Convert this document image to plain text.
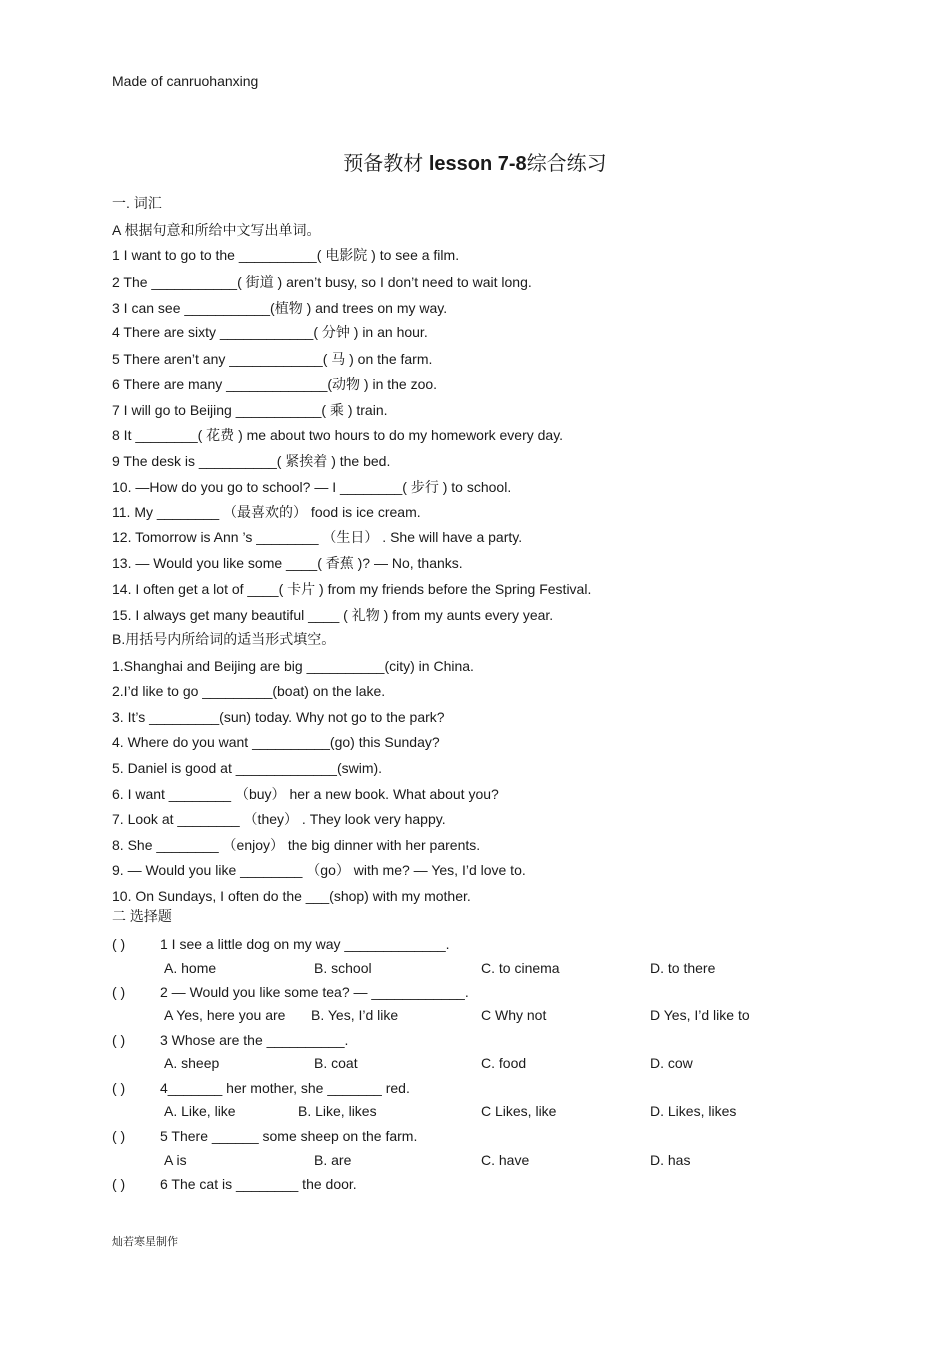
Made of canruohanxing
预备教材 lesson 7-8综合练习
一. 词汇
A 根据句意和所给中文写出单词。
1 I want to go to the __________( 电影院 ) to see a film.
2 The ___________( 街道 ) aren’t busy, so I don’t need to wait long.
3 I can see ___________(植物 ) and trees on my way.
4 There are sixty ____________( 分钟 ) in an hour.
5 There aren’t any ____________( 马 ) on the farm.
6 There are many _____________(动物 ) in the zoo.
7 I will go to Beijing ___________( 乘 ) train.
8 It ________( 花费 ) me about two hours to do my homework every day.
9 The desk is __________( 紧挨着 ) the bed.
10. —How do you go to school? — I ________( 步行 ) to school.
11. My ________ （最喜欢的） food is ice cream.
12. Tomorrow is Ann ’s ________ （生日） . She will have a party.
13. — Would you like some ____( 香蕉 )? — No, thanks.
14. I often get a lot of ____( 卡片 ) from my friends before the Spring Festival.
15. I always get many beautiful ____ ( 礼物 ) from my aunts every year.
B.用括号内所给词的适当形式填空。
1.Shanghai and Beijing are big __________(city) in China.
2.I’d like to go _________(boat) on the lake.
3. It’s _________(sun) today. Why not go to the park?
4. Where do you want __________(go) this Sunday?
5. Daniel is good at _____________(swim).
6. I want ________ （buy） her a new book. What about you?
7. Look at ________ （they） . They look very happy.
8. She ________ （enjoy） the big dinner with her parents.
9. — Would you like ________ （go） with me? — Yes, I’d love to.
10. On Sundays, I often do the ___(shop) with my mother.
二 选择题
( ) 1 I see a little dog on my way _____________.
A. home	B. school	C. to cinema	D. to there
( ) 2 — Would you like some tea? — ____________.
A Yes, here you are B. Yes, I’d like	C Why not	D Yes, I’d like to
( ) 3 Whose are the __________.
A. sheep	B. coat	C. food	D. cow
( ) 4_______ her mother, she _______ red.
A. Like, like	B. Like, likes	C Likes, like	D. Likes, likes
( ) 5 There ______ some sheep on the farm.
A is	B. are	C. have	D. has
( ) 6 The cat is ________ the door.
灿若寒星制作
